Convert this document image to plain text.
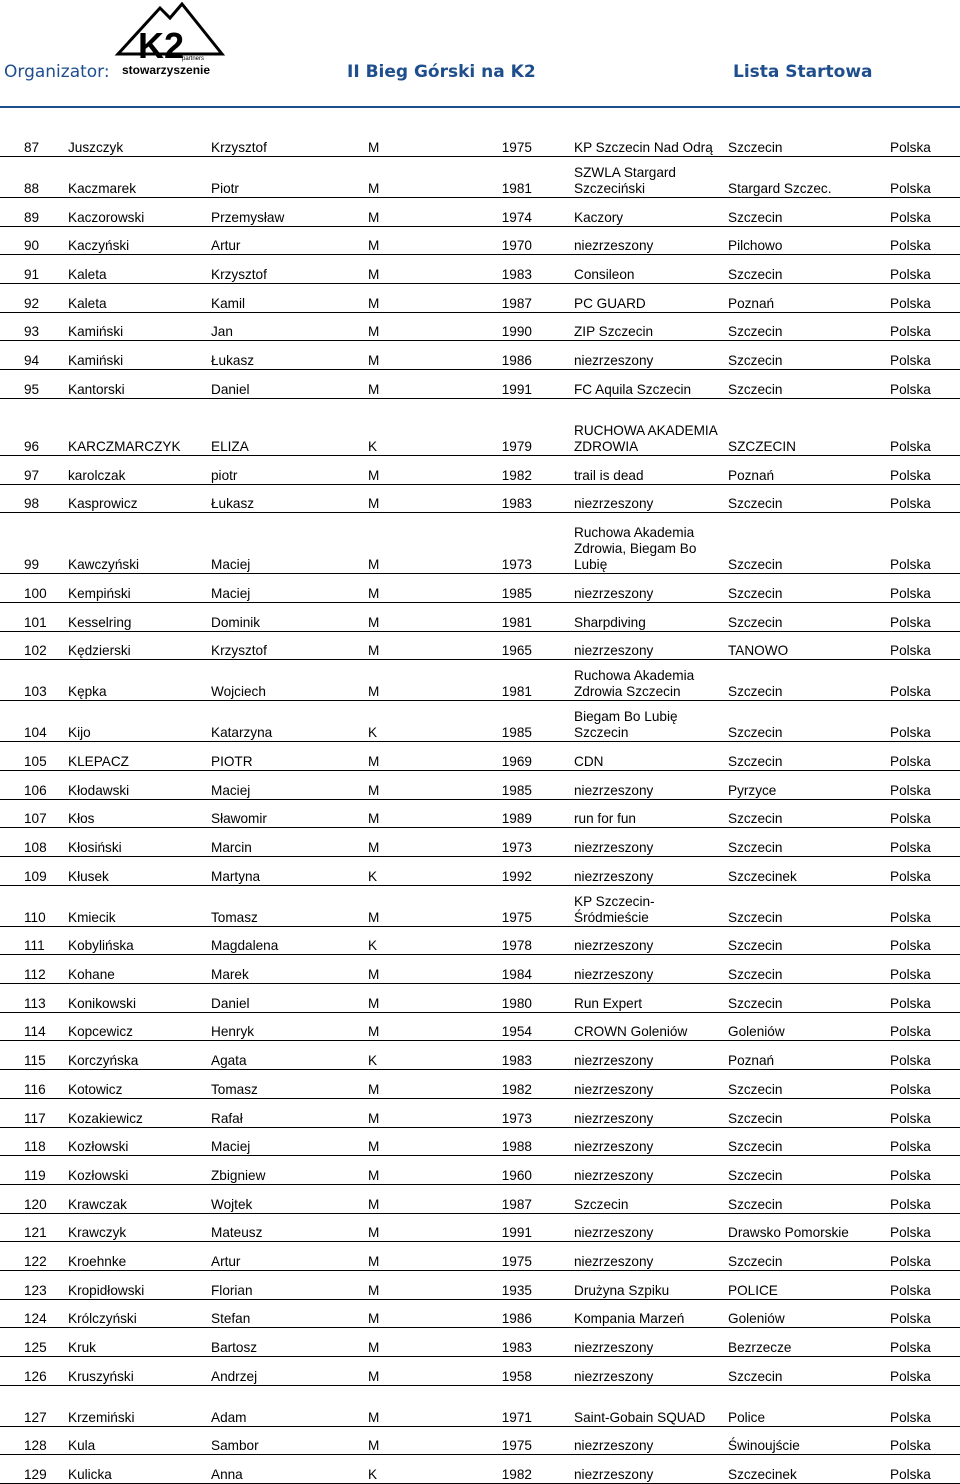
Organizator:
K2
partners
stowarzyszenie	II Bieg Górski na K2	Lista Startowa
87	Juszczyk	Krzysztof	M	1975	KP Szczecin Nad Odrą	Szczecin	Polska
88	Kaczmarek	Piotr	M	1981	SZWLA Stargard Szczeciński	Stargard Szczec.	Polska
89	Kaczorowski	Przemysław	M	1974	Kaczory	Szczecin	Polska
90	Kaczyński	Artur	M	1970	niezrzeszony	Pilchowo	Polska
91	Kaleta	Krzysztof	M	1983	Consileon	Szczecin	Polska
92	Kaleta	Kamil	M	1987	PC GUARD	Poznań	Polska
93	Kamiński	Jan	M	1990	ZIP Szczecin	Szczecin	Polska
94	Kamiński	Łukasz	M	1986	niezrzeszony	Szczecin	Polska
95	Kantorski	Daniel	M	1991	FC Aquila Szczecin	Szczecin	Polska
96	KARCZMARCZYK	ELIZA	K	1979	RUCHOWA AKADEMIA ZDROWIA	SZCZECIN	Polska
97	karolczak	piotr	M	1982	trail is dead	Poznań	Polska
98	Kasprowicz	Łukasz	M	1983	niezrzeszony	Szczecin	Polska
99	Kawczyński	Maciej	M	1973	Ruchowa Akademia Zdrowia, Biegam Bo Lubię	Szczecin	Polska
100	Kempiński	Maciej	M	1985	niezrzeszony	Szczecin	Polska
101	Kesselring	Dominik	M	1981	Sharpdiving	Szczecin	Polska
102	Kędzierski	Krzysztof	M	1965	niezrzeszony	TANOWO	Polska
103	Kępka	Wojciech	M	1981	Ruchowa Akademia Zdrowia Szczecin	Szczecin	Polska
104	Kijo	Katarzyna	K	1985	Biegam Bo Lubię Szczecin	Szczecin	Polska
105	KLEPACZ	PIOTR	M	1969	CDN	Szczecin	Polska
106	Kłodawski	Maciej	M	1985	niezrzeszony	Pyrzyce	Polska
107	Kłos	Sławomir	M	1989	run for fun	Szczecin	Polska
108	Kłosiński	Marcin	M	1973	niezrzeszony	Szczecin	Polska
109	Kłusek	Martyna	K	1992	niezrzeszony	Szczecinek	Polska
110	Kmiecik	Tomasz	M	1975	KP Szczecin-Śródmieście	Szczecin	Polska
111	Kobylińska	Magdalena	K	1978	niezrzeszony	Szczecin	Polska
112	Kohane	Marek	M	1984	niezrzeszony	Szczecin	Polska
113	Konikowski	Daniel	M	1980	Run Expert	Szczecin	Polska
114	Kopcewicz	Henryk	M	1954	CROWN Goleniów	Goleniów	Polska
115	Korczyńska	Agata	K	1983	niezrzeszony	Poznań	Polska
116	Kotowicz	Tomasz	M	1982	niezrzeszony	Szczecin	Polska
117	Kozakiewicz	Rafał	M	1973	niezrzeszony	Szczecin	Polska
118	Kozłowski	Maciej	M	1988	niezrzeszony	Szczecin	Polska
119	Kozłowski	Zbigniew	M	1960	niezrzeszony	Szczecin	Polska
120	Krawczak	Wojtek	M	1987	Szczecin	Szczecin	Polska
121	Krawczyk	Mateusz	M	1991	niezrzeszony	Drawsko Pomorskie	Polska
122	Kroehnke	Artur	M	1975	niezrzeszony	Szczecin	Polska
123	Kropidłowski	Florian	M	1935	Drużyna Szpiku	POLICE	Polska
124	Królczyński	Stefan	M	1986	Kompania Marzeń	Goleniów	Polska
125	Kruk	Bartosz	M	1983	niezrzeszony	Bezrzecze	Polska
126	Kruszyński	Andrzej	M	1958	niezrzeszony	Szczecin	Polska
127	Krzemiński	Adam	M	1971	Saint-Gobain SQUAD	Police	Polska
128	Kula	Sambor	M	1975	niezrzeszony	Świnoujście	Polska
129	Kulicka	Anna	K	1982	niezrzeszony	Szczecinek	Polska
